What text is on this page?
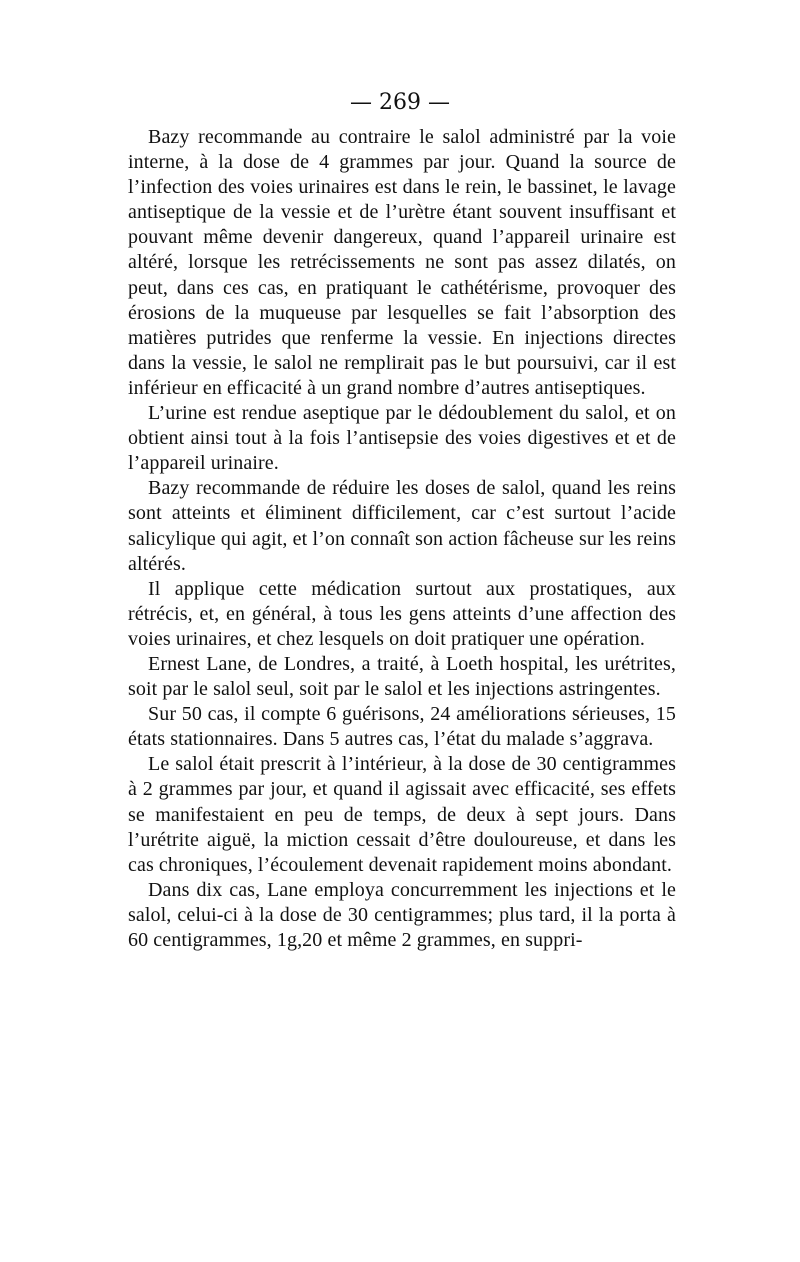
— 269 —

Bazy recommande au contraire le salol administré par la voie interne, à la dose de 4 grammes par jour. Quand la source de l’infection des voies urinaires est dans le rein, le bassinet, le lavage antiseptique de la vessie et de l’urètre étant souvent insuffisant et pouvant même devenir dangereux, quand l’appareil urinaire est altéré, lorsque les retrécissements ne sont pas assez dilatés, on peut, dans ces cas, en pratiquant le cathétérisme, provoquer des érosions de la muqueuse par lesquelles se fait l’absorption des matières putrides que renferme la vessie. En injections directes dans la vessie, le salol ne remplirait pas le but poursuivi, car il est inférieur en efficacité à un grand nombre d’autres antiseptiques.

L’urine est rendue aseptique par le dédoublement du salol, et on obtient ainsi tout à la fois l’antisepsie des voies digestives et et de l’appareil urinaire.

Bazy recommande de réduire les doses de salol, quand les reins sont atteints et éliminent difficilement, car c’est surtout l’acide salicylique qui agit, et l’on connaît son action fâcheuse sur les reins altérés.

Il applique cette médication surtout aux prostatiques, aux rétrécis, et, en général, à tous les gens atteints d’une affection des voies urinaires, et chez lesquels on doit pratiquer une opération.

Ernest Lane, de Londres, a traité, à Loeth hospital, les urétrites, soit par le salol seul, soit par le salol et les injections astringentes.

Sur 50 cas, il compte 6 guérisons, 24 améliorations sérieuses, 15 états stationnaires. Dans 5 autres cas, l’état du malade s’aggrava.

Le salol était prescrit à l’intérieur, à la dose de 30 centigrammes à 2 grammes par jour, et quand il agissait avec efficacité, ses effets se manifestaient en peu de temps, de deux à sept jours. Dans l’urétrite aiguë, la miction cessait d’être douloureuse, et dans les cas chroniques, l’écoulement devenait rapidement moins abondant.

Dans dix cas, Lane employa concurremment les injections et le salol, celui-ci à la dose de 30 centigrammes; plus tard, il la porta à 60 centigrammes, 1g,20 et même 2 grammes, en suppri-
